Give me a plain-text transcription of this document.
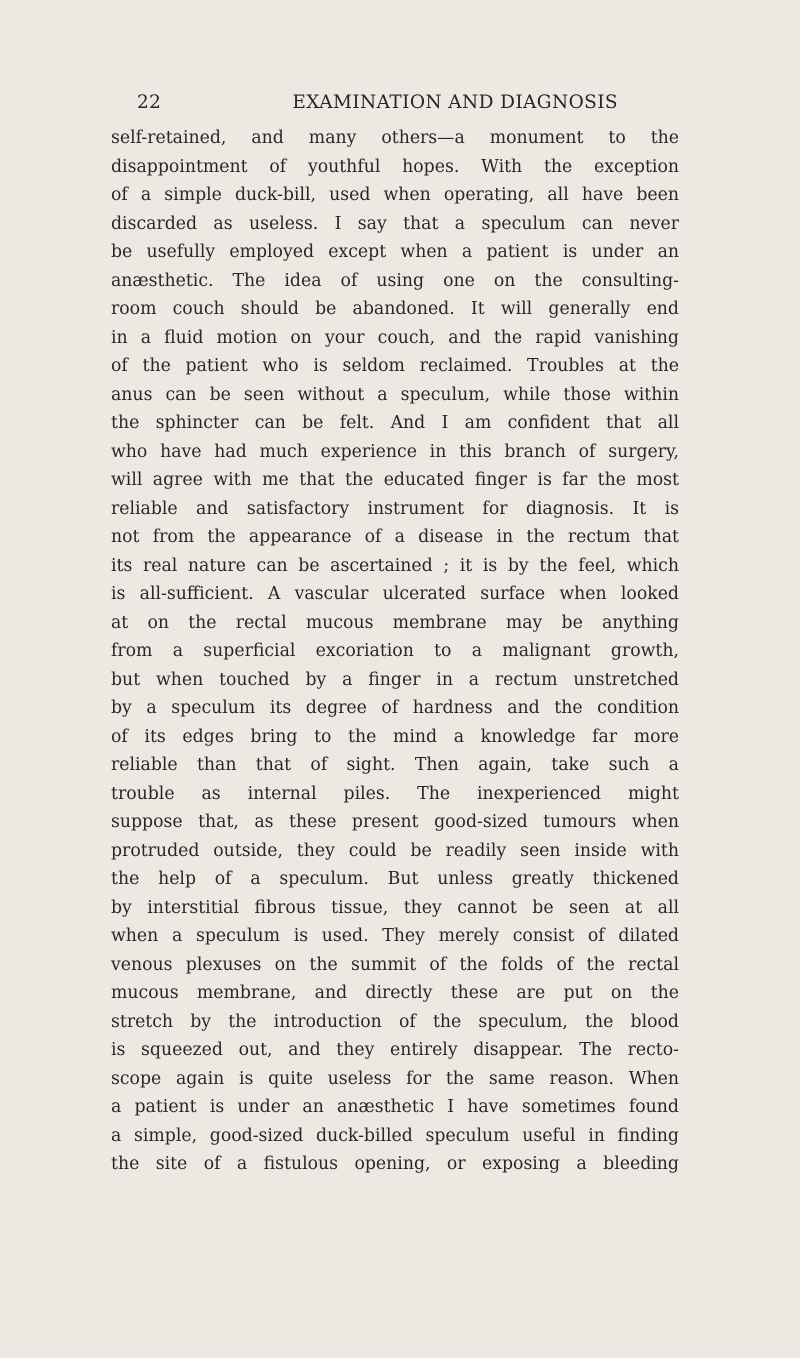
22	EXAMINATION AND DIAGNOSIS
self-retained, and many others—a monument to the
disappointment of youthful hopes. With the exception
of a simple duck-bill, used when operating, all have been
discarded as useless. I say that a speculum can never
be usefully employed except when a patient is under an
anæsthetic. The idea of using one on the consulting-
room couch should be abandoned. It will generally end
in a fluid motion on your couch, and the rapid vanishing
of the patient who is seldom reclaimed. Troubles at the
anus can be seen without a speculum, while those within
the sphincter can be felt. And I am confident that all
who have had much experience in this branch of surgery,
will agree with me that the educated finger is far the most
reliable and satisfactory instrument for diagnosis. It is
not from the appearance of a disease in the rectum that
its real nature can be ascertained ; it is by the feel, which
is all-sufficient. A vascular ulcerated surface when looked
at on the rectal mucous membrane may be anything
from a superficial excoriation to a malignant growth,
but when touched by a finger in a rectum unstretched
by a speculum its degree of hardness and the condition
of its edges bring to the mind a knowledge far more
reliable than that of sight. Then again, take such a
trouble as internal piles. The inexperienced might
suppose that, as these present good-sized tumours when
protruded outside, they could be readily seen inside with
the help of a speculum. But unless greatly thickened
by interstitial fibrous tissue, they cannot be seen at all
when a speculum is used. They merely consist of dilated
venous plexuses on the summit of the folds of the rectal
mucous membrane, and directly these are put on the
stretch by the introduction of the speculum, the blood
is squeezed out, and they entirely disappear. The recto-
scope again is quite useless for the same reason. When
a patient is under an anæsthetic I have sometimes found
a simple, good-sized duck-billed speculum useful in finding
the site of a fistulous opening, or exposing a bleeding
